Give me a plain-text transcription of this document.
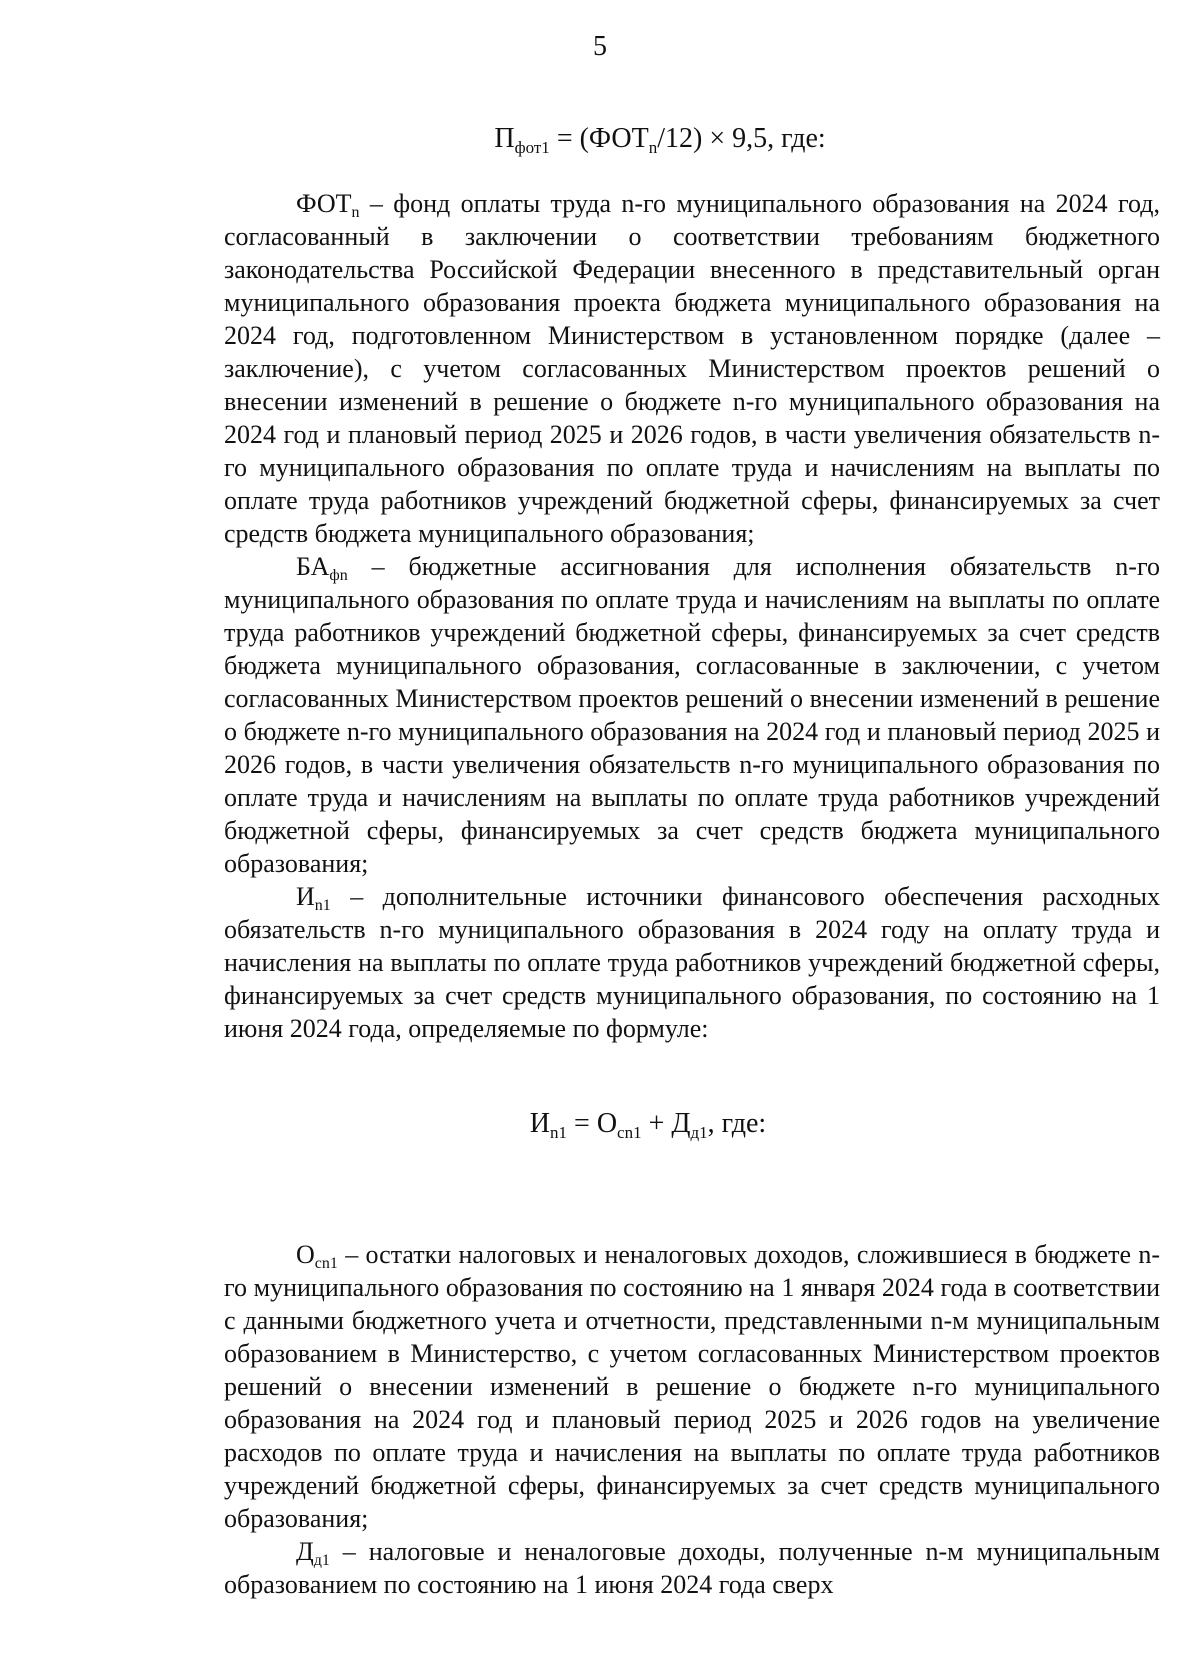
5
$П_{фот1} = (ФОТ_n/12) \times 9,5$, где:

$ФОТ_n$ – фонд оплаты труда n-го муниципального образования на 2024 год, согласованный в заключении о соответствии требованиям бюджетного законодательства Российской Федерации внесенного в представительный орган муниципального образования проекта бюджета муниципального образования на 2024 год, подготовленном Министерством в установленном порядке (далее – заключение), с учетом согласованных Министерством проектов решений о внесении изменений в решение о бюджете n-го муниципального образования на 2024 год и плановый период 2025 и 2026 годов, в части увеличения обязательств n-го муниципального образования по оплате труда и начислениям на выплаты по оплате труда работников учреждений бюджетной сферы, финансируемых за счет средств бюджета муниципального образования;

$БА_{фn}$ – бюджетные ассигнования для исполнения обязательств n-го муниципального образования по оплате труда и начислениям на выплаты по оплате труда работников учреждений бюджетной сферы, финансируемых за счет средств бюджета муниципального образования, согласованные в заключении, с учетом согласованных Министерством проектов решений о внесении изменений в решение о бюджете n-го муниципального образования на 2024 год и плановый период 2025 и 2026 годов, в части увеличения обязательств n-го муниципального образования по оплате труда и начислениям на выплаты по оплате труда работников учреждений бюджетной сферы, финансируемых за счет средств бюджета муниципального образования;

$И_{n1}$ – дополнительные источники финансового обеспечения расходных обязательств n-го муниципального образования в 2024 году на оплату труда и начисления на выплаты по оплате труда работников учреждений бюджетной сферы, финансируемых за счет средств муниципального образования, по состоянию на 1 июня 2024 года, определяемые по формуле:

$И_{n1} = О_{сn1} + Д_{д1}$, где:

$О_{сn1}$ – остатки налоговых и неналоговых доходов, сложившиеся в бюджете n-го муниципального образования по состоянию на 1 января 2024 года в соответствии с данными бюджетного учета и отчетности, представленными n-м муниципальным образованием в Министерство, с учетом согласованных Министерством проектов решений о внесении изменений в решение о бюджете n-го муниципального образования на 2024 год и плановый период 2025 и 2026 годов на увеличение расходов по оплате труда и начисления на выплаты по оплате труда работников учреждений бюджетной сферы, финансируемых за счет средств муниципального образования;

$Д_{д1}$ – налоговые и неналоговые доходы, полученные n-м муниципальным образованием по состоянию на 1 июня 2024 года сверх
